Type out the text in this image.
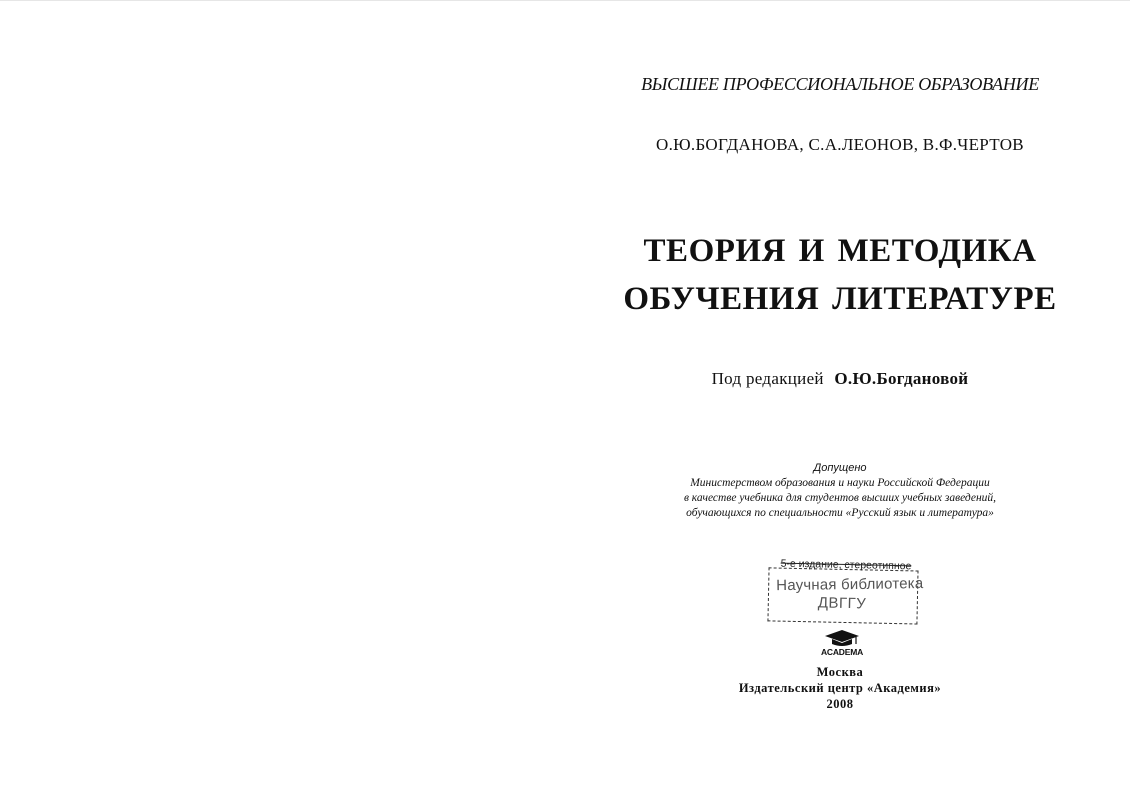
ВЫСШЕЕ ПРОФЕССИОНАЛЬНОЕ ОБРАЗОВАНИЕ
О.Ю.БОГДАНОВА, С.А.ЛЕОНОВ, В.Ф.ЧЕРТОВ
ТЕОРИЯ И МЕТОДИКА
ОБУЧЕНИЯ ЛИТЕРАТУРЕ
Под редакцией О.Ю.Богдановой
Допущено
Министерством образования и науки Российской Федерации
в качестве учебника для студентов высших учебных заведений,
обучающихся по специальности «Русский язык и литература»
5-е издание, стереотипное
Научная библиотека
ДВГГУ
ACADEMA
Москва
Издательский центр «Академия»
2008
